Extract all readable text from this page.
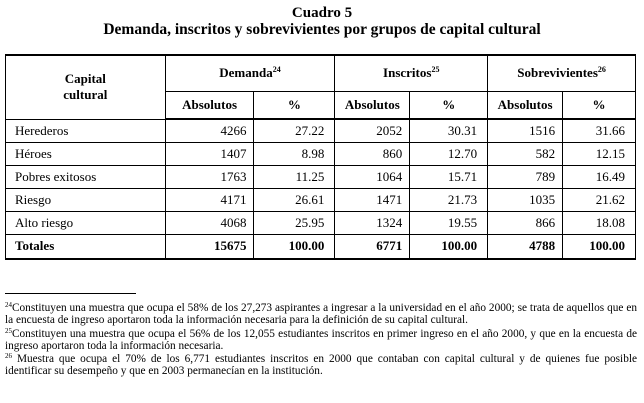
Cuadro 5
Demanda, inscritos y sobrevivientes por grupos de capital cultural
Capital
cultural	Demanda$^{24}$		Inscritos$^{25}$		Sobrevivientes$^{26}$
	Absolutos	%	Absolutos	%	Absolutos	%
Herederos	4266	27.22	2052	30.31	1516	31.66
Héroes	1407	8.98	860	12.70	582	12.15
Pobres exitosos	1763	11.25	1064	15.71	789	16.49
Riesgo	4171	26.61	1471	21.73	1035	21.62
Alto riesgo	4068	25.95	1324	19.55	866	18.08
Totales	15675	100.00	6771	100.00	4788	100.00

$^{24}$Constituyen una muestra que ocupa el 58% de los 27,273 aspirantes a ingresar a la universidad en el año 2000; se trata de aquellos que en la encuesta de ingreso aportaron toda la información necesaria para la definición de su capital cultural.

$^{25}$Constituyen una muestra que ocupa el 56% de los 12,055 estudiantes inscritos en primer ingreso en el año 2000, y que en la encuesta de ingreso aportaron toda la información necesaria.

$^{26}$ Muestra que ocupa el 70% de los 6,771 estudiantes inscritos en 2000 que contaban con capital cultural y de quienes fue posible identificar su desempeño y que en 2003 permanecían en la institución.
